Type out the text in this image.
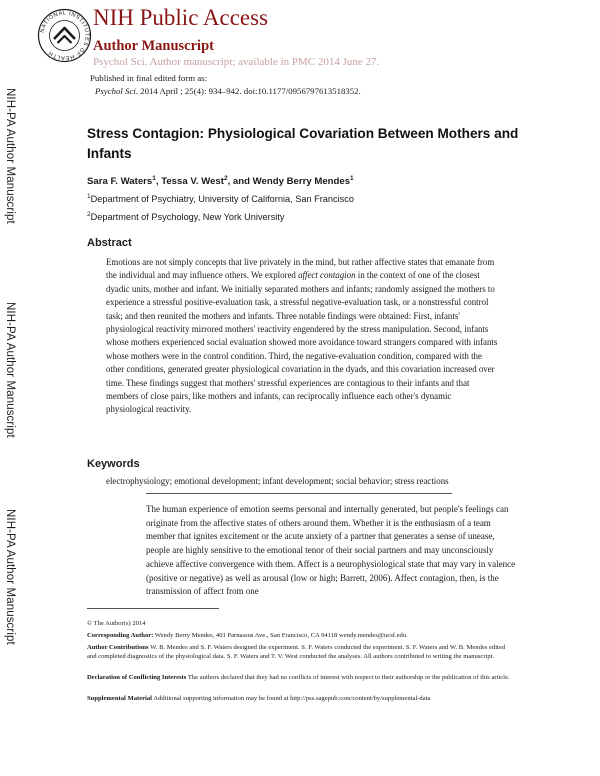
NATIONAL INSTITUTES OF HEALTH
NIH Public Access
Author Manuscript
Psychol Sci. Author manuscript; available in PMC 2014 June 27.
Published in final edited form as:
Psychol Sci. 2014 April ; 25(4): 934–942. doi:10.1177/0956797613518352.
NIH-PA Author Manuscript
NIH-PA Author Manuscript
NIH-PA Author Manuscript
Stress Contagion: Physiological Covariation Between Mothers and Infants
Sara F. Waters$^1$, Tessa V. West$^2$, and Wendy Berry Mendes$^1$
$^1$Department of Psychiatry, University of California, San Francisco
$^2$Department of Psychology, New York University
Abstract
Emotions are not simply concepts that live privately in the mind, but rather affective states that emanate from the individual and may influence others. We explored affect contagion in the context of one of the closest dyadic units, mother and infant. We initially separated mothers and infants; randomly assigned the mothers to experience a stressful positive-evaluation task, a stressful negative-evaluation task, or a nonstressful control task; and then reunited the mothers and infants. Three notable findings were obtained: First, infants' physiological reactivity mirrored mothers' reactivity engendered by the stress manipulation. Second, infants whose mothers experienced social evaluation showed more avoidance toward strangers compared with infants whose mothers were in the control condition. Third, the negative-evaluation condition, compared with the other conditions, generated greater physiological covariation in the dyads, and this covariation increased over time. These findings suggest that mothers' stressful experiences are contagious to their infants and that members of close pairs, like mothers and infants, can reciprocally influence each other's dynamic physiological reactivity.
Keywords
electrophysiology; emotional development; infant development; social behavior; stress reactions
The human experience of emotion seems personal and internally generated, but people's feelings can originate from the affective states of others around them. Whether it is the enthusiasm of a team member that ignites excitement or the acute anxiety of a partner that generates a sense of unease, people are highly sensitive to the emotional tenor of their social partners and may unconsciously achieve affective convergence with them. Affect is a neurophysiological state that may vary in valence (positive or negative) as well as arousal (low or high; Barrett, 2006). Affect contagion, then, is the transmission of affect from one
© The Author(s) 2014
Corresponding Author: Wendy Berry Mendes, 401 Parnassus Ave., San Francisco, CA 94118 wendy.mendes@ucsf.edu.
Author Contributions W. B. Mendes and S. F. Waters designed the experiment. S. F. Waters conducted the experiment. S. F. Waters and W. B. Mendes edited and completed diagnostics of the physiological data. S. F. Waters and T. V. West conducted the analyses. All authors contributed to writing the manuscript.
Declaration of Conflicting Interests The authors declared that they had no conflicts of interest with respect to their authorship or the publication of this article.
Supplemental Material Additional supporting information may be found at http://pss.sagepub.com/content/by/supplemental-data
